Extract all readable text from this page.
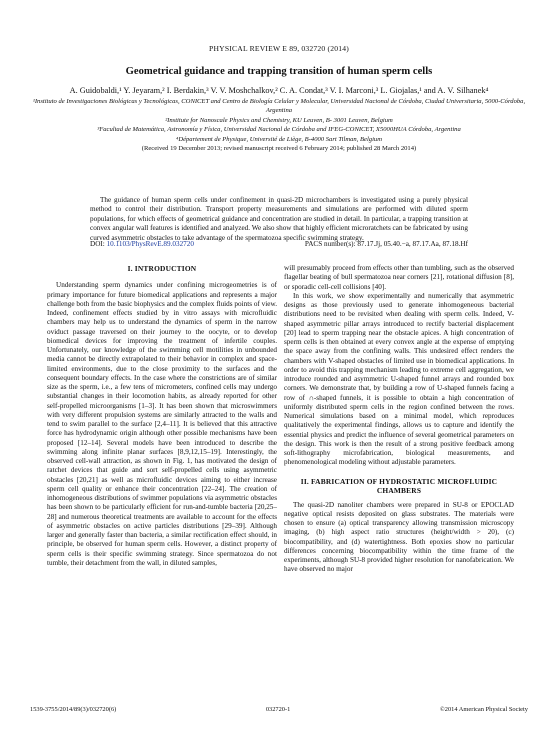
PHYSICAL REVIEW E 89, 032720 (2014)
Geometrical guidance and trapping transition of human sperm cells
A. Guidobaldi,¹ Y. Jeyaram,² I. Berdakin,³ V. V. Moshchalkov,² C. A. Condat,³ V. I. Marconi,³ L. Giojalas,¹ and A. V. Silhanek⁴
¹Instituto de Investigaciones Biológicas y Tecnológicas, CONICET and Centro de Biología Celular y Molecular, Universidad Nacional de Córdoba, Ciudad Universitaria, 5000-Córdoba, Argentina
²Institute for Nanoscale Physics and Chemistry, KU Leuven, B- 3001 Leuven, Belgium
³Facultad de Matemática, Astronomía y Física, Universidad Nacional de Córdoba and IFEG-CONICET, X5000HUA Córdoba, Argentina
⁴Département de Physique, Université de Liège, B-4000 Sart Tilman, Belgium
(Received 19 December 2013; revised manuscript received 6 February 2014; published 28 March 2014)
The guidance of human sperm cells under confinement in quasi-2D microchambers is investigated using a purely physical method to control their distribution. Transport property measurements and simulations are performed with diluted sperm populations, for which effects of geometrical guidance and concentration are studied in detail. In particular, a trapping transition at convex angular wall features is identified and analyzed. We also show that highly efficient microratchets can be fabricated by using curved asymmetric obstacles to take advantage of the spermatozoa specific swimming strategy.
DOI: 10.1103/PhysRevE.89.032720	PACS number(s): 87.17.Jj, 05.40.−a, 87.17.Aa, 87.18.Hf
I. INTRODUCTION

Understanding sperm dynamics under confining microgeometries is of primary importance for future biomedical applications and represents a major challenge both from the basic biophysics and the complex fluids points of view. Indeed, confinement effects studied by in vitro assays with microfluidic chambers may help us to understand the dynamics of sperm in the narrow oviduct passage traversed on their journey to the oocyte, or to develop biomedical devices for improving the treatment of infertile couples. Unfortunately, our knowledge of the swimming cell motilities in unbounded media cannot be directly extrapolated to their behavior in complex and space-limited environments, due to the close proximity to the surfaces and the consequent boundary effects. In the case where the constrictions are of similar size as the sperm, i.e., a few tens of micrometers, confined cells may undergo substantial changes in their locomotion habits, as already reported for other self-propelled microorganisms [1–3]. It has been shown that microswimmers with very different propulsion systems are similarly attracted to the walls and tend to swim parallel to the surface [2,4–11]. It is believed that this attractive force has hydrodynamic origin although other possible mechanisms have been proposed [12–14]. Several models have been introduced to describe the swimming along infinite planar surfaces [8,9,12,15–19]. Interestingly, the observed cell-wall attraction, as shown in Fig. 1, has motivated the design of ratchet devices that guide and sort self-propelled cells using asymmetric obstacles [20,21] as well as microfluidic devices aiming to either increase sperm cell quality or enhance their concentration [22–24]. The creation of inhomogeneous distributions of swimmer populations via asymmetric obstacles has been shown to be particularly efficient for run-and-tumble bacteria [20,25–28] and numerous theoretical treatments are available to account for the effects of asymmetric obstacles on active particles distributions [29–39]. Although larger and generally faster than bacteria, a similar rectification effect should, in principle, be observed for human sperm cells. However, a distinct property of sperm cells is their specific swimming strategy. Since spermatozoa do not tumble, their detachment from the wall, in diluted samples,

will presumably proceed from effects other than tumbling, such as the observed flagellar beating of bull spermatozoa near corners [21], rotational diffusion [8], or sporadic cell-cell collisions [40].

In this work, we show experimentally and numerically that asymmetric designs as those previously used to generate inhomogeneous bacterial distributions need to be revisited when dealing with sperm cells. Indeed, V-shaped asymmetric pillar arrays introduced to rectify bacterial displacement [20] lead to sperm trapping near the obstacle apices. A high concentration of sperm cells is then obtained at every convex angle at the expense of emptying the space away from the confining walls. This undesired effect renders the chambers with V-shaped obstacles of limited use in biomedical applications. In order to avoid this trapping mechanism leading to extreme cell aggregation, we introduce rounded and asymmetric U-shaped funnel arrays and rounded box corners. We demonstrate that, by building a row of U-shaped funnels facing a row of ∩-shaped funnels, it is possible to obtain a high concentration of uniformly distributed sperm cells in the region confined between the rows. Numerical simulations based on a minimal model, which reproduces qualitatively the experimental findings, allows us to capture and identify the essential physics and predict the influence of several geometrical parameters on the design. This work is then the result of a strong positive feedback among soft-lithography microfabrication, biological measurements, and phenomenological modeling without adjustable parameters.

II. FABRICATION OF HYDROSTATIC MICROFLUIDIC CHAMBERS

The quasi-2D nanoliter chambers were prepared in SU-8 or EPOCLAD negative optical resists deposited on glass substrates. The materials were chosen to ensure (a) optical transparency allowing transmission microscopy imaging, (b) high aspect ratio structures (height/width > 20), (c) biocompatibility, and (d) watertightness. Both epoxies show no particular differences concerning biocompatibility within the time frame of the experiments, although SU-8 provided higher resolution for nanofabrication. We have observed no major

1539-3755/2014/89(3)/032720(6)	032720-1	©2014 American Physical Society
